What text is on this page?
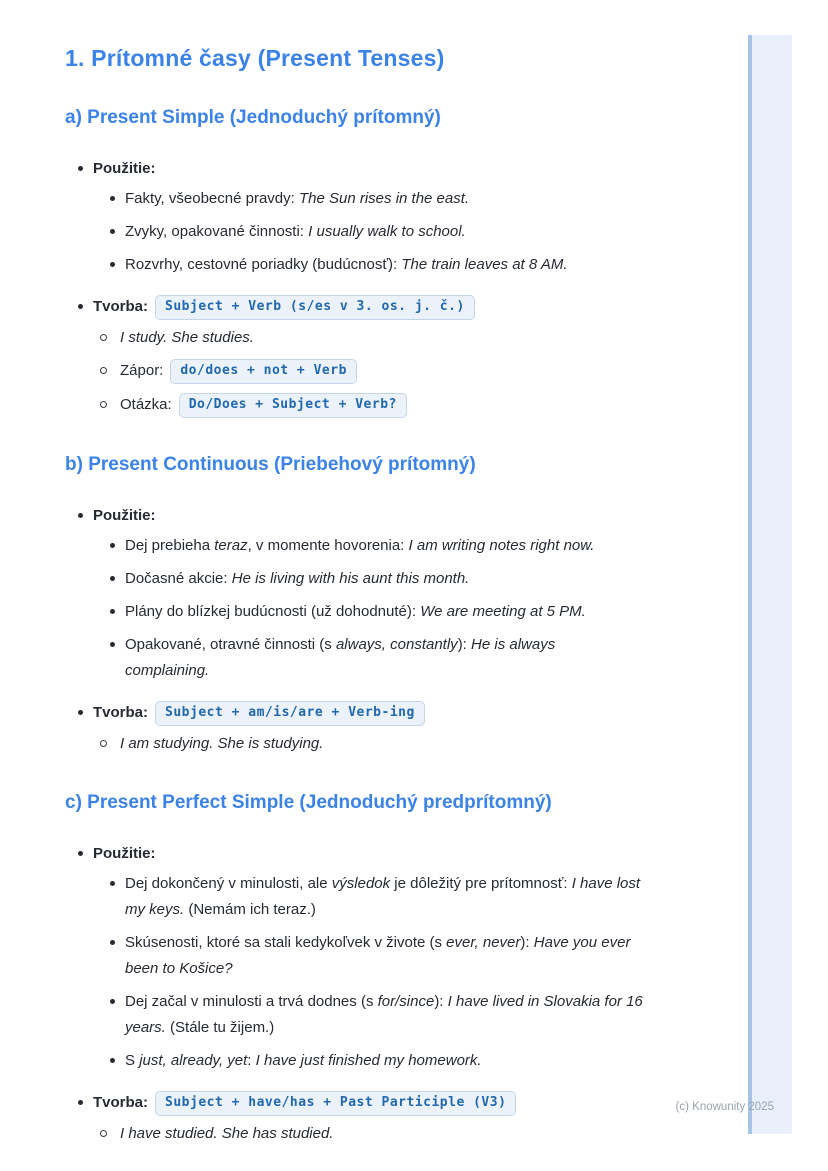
1. Prítomné časy (Present Tenses)
a) Present Simple (Jednoduchý prítomný)
Použitie:
Fakty, všeobecné pravdy: The Sun rises in the east.
Zvyky, opakované činnosti: I usually walk to school.
Rozvrhy, cestovné poriadky (budúcnosť): The train leaves at 8 AM.
Tvorba: Subject + Verb (s/es v 3. os. j. č.)
I study. She studies.
Zápor: do/does + not + Verb
Otázka: Do/Does + Subject + Verb?
b) Present Continuous (Priebehový prítomný)
Použitie:
Dej prebieha teraz, v momente hovorenia: I am writing notes right now.
Dočasné akcie: He is living with his aunt this month.
Plány do blízkej budúcnosti (už dohodnuté): We are meeting at 5 PM.
Opakované, otravné činnosti (s always, constantly): He is always complaining.
Tvorba: Subject + am/is/are + Verb-ing
I am studying. She is studying.
c) Present Perfect Simple (Jednoduchý predprítomný)
Použitie:
Dej dokončený v minulosti, ale výsledok je dôležitý pre prítomnosť: I have lost my keys. (Nemám ich teraz.)
Skúsenosti, ktoré sa stali kedykoľvek v živote (s ever, never): Have you ever been to Košice?
Dej začal v minulosti a trvá dodnes (s for/since): I have lived in Slovakia for 16 years. (Stále tu žijem.)
S just, already, yet: I have just finished my homework.
Tvorba: Subject + have/has + Past Participle (V3)
I have studied. She has studied.
(c) Knowunity 2025
